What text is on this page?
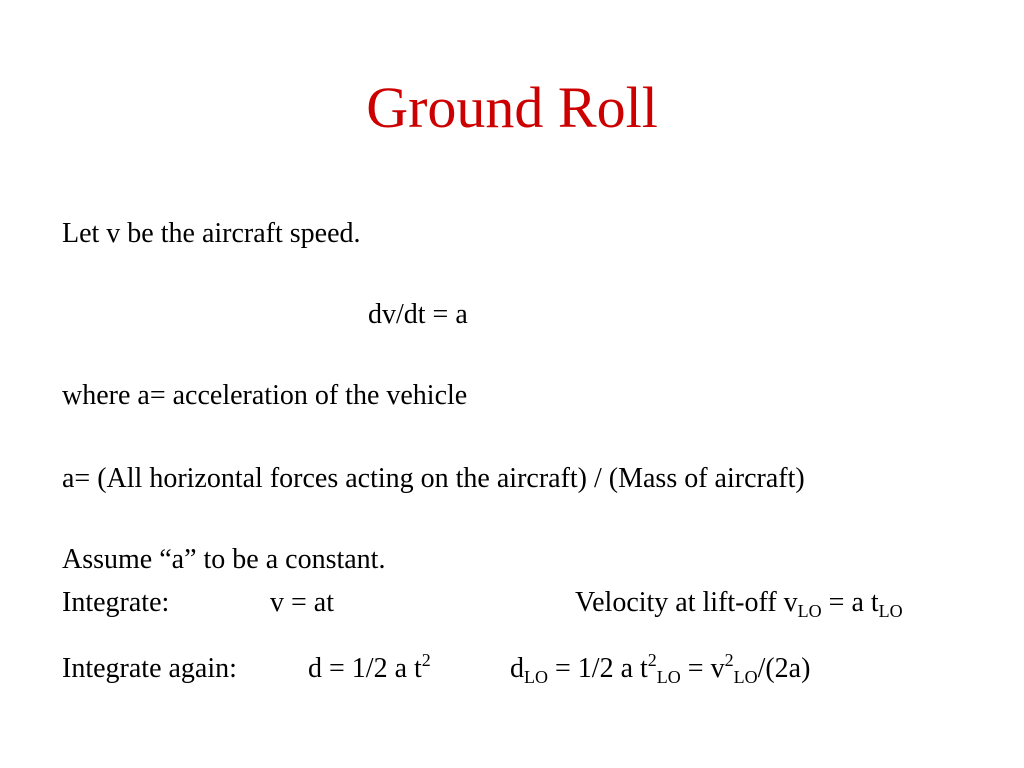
Ground Roll
Let v be the aircraft speed.
dv/dt = a
where a= acceleration of the vehicle
a= (All horizontal forces acting on the aircraft) / (Mass of aircraft)
Assume “a” to be a constant.
Integrate:	v = at	Velocity at lift-off $v_{LO} = a$ $t_{LO}$
Integrate again:	d = 1/2 a $t^2$	$d_{LO} = 1/2$ a $t^2_{LO} = v^2_{LO}/(2a)$
